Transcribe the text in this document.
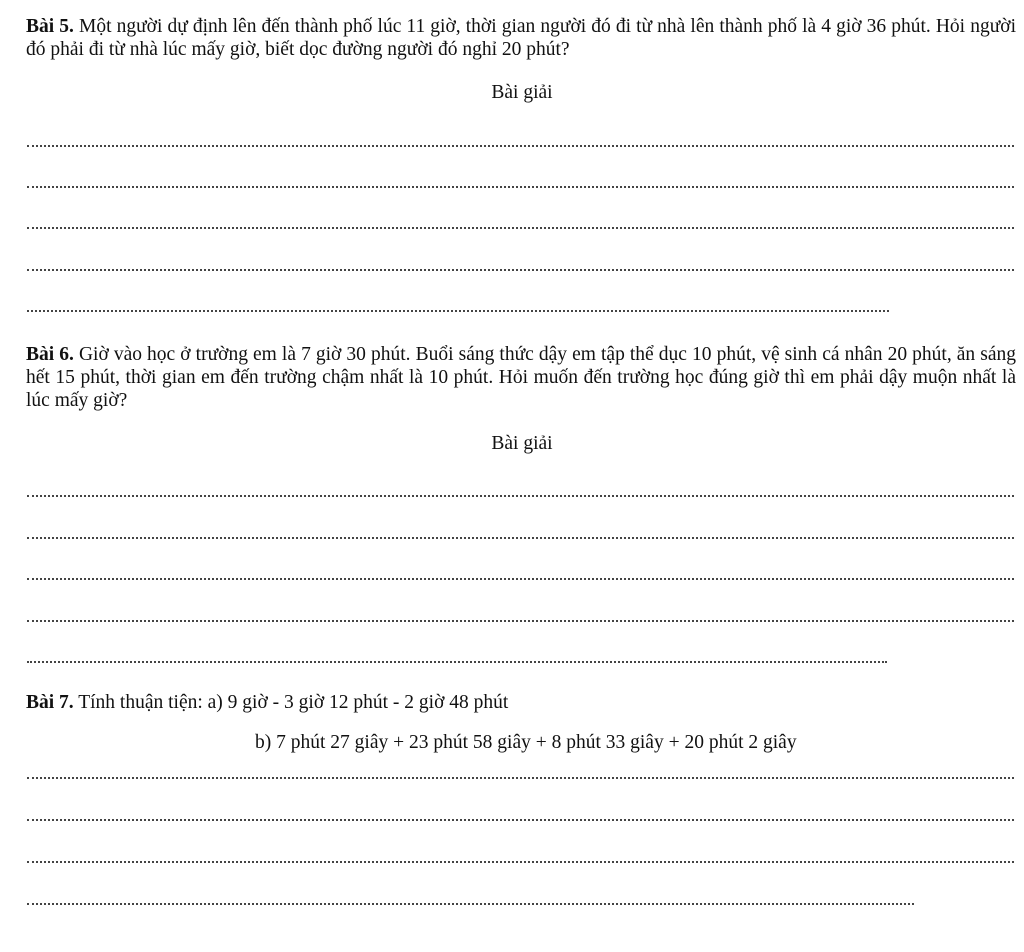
Bài 5. Một người dự định lên đến thành phố lúc 11 giờ, thời gian người đó đi từ nhà lên thành phố là 4 giờ 36 phút. Hỏi người đó phải đi từ nhà lúc mấy giờ, biết dọc đường người đó nghỉ 20 phút?

Bài giải

Bài 6. Giờ vào học ở trường em là 7 giờ 30 phút. Buổi sáng thức dậy em tập thể dục 10 phút, vệ sinh cá nhân 20 phút, ăn sáng hết 15 phút, thời gian em đến trường chậm nhất là 10 phút. Hỏi muốn đến trường học đúng giờ thì em phải dậy muộn nhất là lúc mấy giờ?

Bài giải

Bài 7. Tính thuận tiện: a) 9 giờ - 3 giờ 12 phút - 2 giờ 48 phút

b) 7 phút 27 giây + 23 phút 58 giây + 8 phút 33 giây + 20 phút 2 giây
